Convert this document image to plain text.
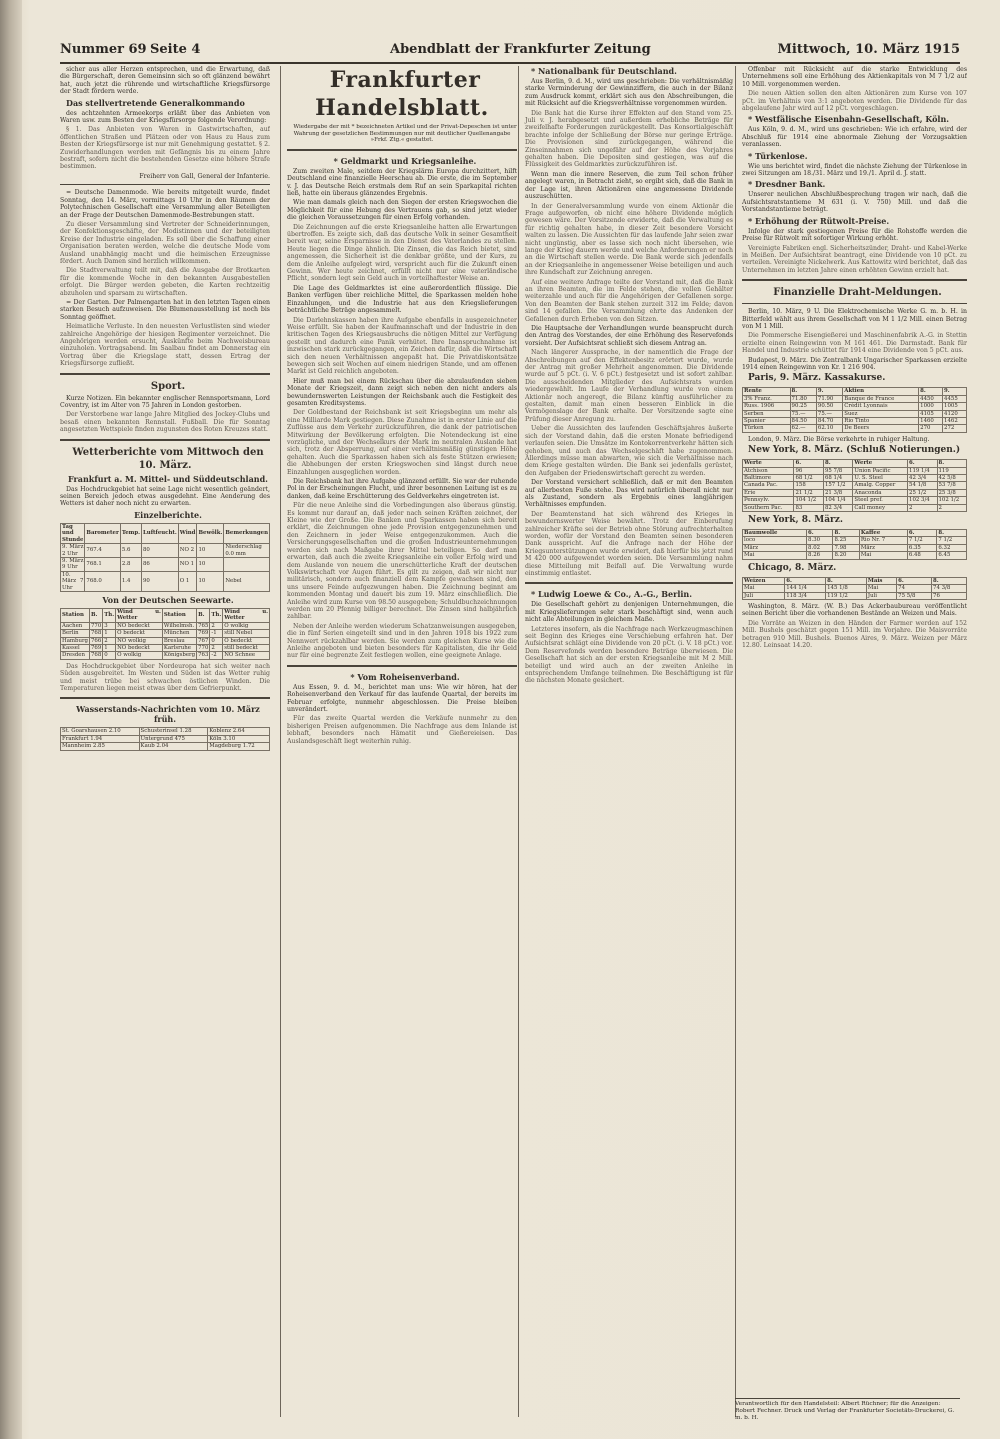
Nummer 69 Seite 4	Abendblatt der Frankfurter Zeitung	Mittwoch, 10. März 1915

sicher aus aller Herzen entsprechen, und die Erwartung, daß die Bürgerschaft, deren Gemeinsinn sich so oft glänzend bewährt hat, auch jetzt die rührende und wirtschaftliche Kriegsfürsorge der Stadt fördern werde.

Das stellvertretende Generalkommando

des achtzehnten Armeekorps erläßt über das Anbieten von Waren usw. zum Besten der Kriegsfürsorge folgende Verordnung:

§ 1. Das Anbieten von Waren in Gastwirtschaften, auf öffentlichen Straßen und Plätzen oder von Haus zu Haus zum Besten der Kriegsfürsorge ist nur mit Genehmigung gestattet. § 2. Zuwiderhandlungen werden mit Gefängnis bis zu einem Jahre bestraft, sofern nicht die bestehenden Gesetze eine höhere Strafe bestimmen.

Freiherr von Gall, General der Infanterie.

= Deutsche Damenmode. Wie bereits mitgeteilt wurde, findet Sonntag, den 14. März, vormittags 10 Uhr in den Räumen der Polytechnischen Gesellschaft eine Versammlung aller Beteiligten an der Frage der Deutschen Damenmode-Bestrebungen statt.

Zu dieser Versammlung sind Vertreter der Schneiderinnungen, der Konfektionsgeschäfte, der Modistinnen und der beteiligten Kreise der Industrie eingeladen. Es soll über die Schaffung einer Organisation beraten werden, welche die deutsche Mode vom Ausland unabhängig macht und die heimischen Erzeugnisse fördert. Auch Damen sind herzlich willkommen.

Die Stadtverwaltung teilt mit, daß die Ausgabe der Brotkarten für die kommende Woche in den bekannten Ausgabestellen erfolgt. Die Bürger werden gebeten, die Karten rechtzeitig abzuholen und sparsam zu wirtschaften.

= Der Garten. Der Palmengarten hat in den letzten Tagen einen starken Besuch aufzuweisen. Die Blumenausstellung ist noch bis Sonntag geöffnet.

Heimatliche Verluste. In den neuesten Verlustlisten sind wieder zahlreiche Angehörige der hiesigen Regimenter verzeichnet. Die Angehörigen werden ersucht, Auskünfte beim Nachweisbureau einzuholen. Vortragsabend. Im Saalbau findet am Donnerstag ein Vortrag über die Kriegslage statt, dessen Ertrag der Kriegsfürsorge zufließt.

Sport.

Kurze Notizen. Ein bekannter englischer Rennsportsmann, Lord Coventry, ist im Alter von 75 Jahren in London gestorben.

Der Verstorbene war lange Jahre Mitglied des Jockey-Clubs und besaß einen bekannten Rennstall. Fußball. Die für Sonntag angesetzten Wettspiele finden zugunsten des Roten Kreuzes statt.

Wetterberichte vom Mittwoch den 10. März.

Frankfurt a. M. Mittel- und Süddeutschland.

Das Hochdruckgebiet hat seine Lage nicht wesentlich geändert, seinen Bereich jedoch etwas ausgedehnt. Eine Aenderung des Wetters ist daher noch nicht zu erwarten.

Einzelberichte.

Tag und Stunde	Barometer	Temp.	Luftfeucht.	Wind	Bewölk.	Bemerkungen
9. März 2 Uhr	767.4	5.6	80	NO 2	10	Niederschlag 0.0 mm
9. März 9 Uhr	768.1	2.8	86	NO 1	10	
10. März 7 Uhr	768.0	1.4	90	O 1	10	Nebel

Von der Deutschen Seewarte.

Station	B.	Th.	Wind u. Wetter	Station	B.	Th.	Wind u. Wetter
Aachen	770	3	NO bedeckt	Wilhelmsh.	765	2	O wolkig
Berlin	768	1	O bedeckt	München	769	-1	still Nebel
Hamburg	766	2	NO wolkig	Breslau	767	0	O bedeckt
Kassel	769	1	NO bedeckt	Karlsruhe	770	2	still bedeckt
Dresden	768	0	O wolkig	Königsberg	763	-2	NO Schnee

Das Hochdruckgebiet über Nordeuropa hat sich weiter nach Süden ausgebreitet. Im Westen und Süden ist das Wetter ruhig und meist trübe bei schwachen östlichen Winden. Die Temperaturen liegen meist etwas über dem Gefrierpunkt.

Wasserstands-Nachrichten vom 10. März früh.

St. Goarshausen 2.10	Schusterinsel 1.28	Koblenz 2.64
Frankfurt 1.94	Untergrund 475	Köln 3.10
Mannheim 2.85	Kaub 2.04	Magdeburg 1.72

Frankfurter Handelsblatt.

Wiedergabe der mit * bezeichneten Artikel und der Privat-Depeschen ist unter Wahrung der gesetzlichen Bestimmungen nur mit deutlicher Quellenangabe »Frkf. Ztg.« gestattet.

* Geldmarkt und Kriegsanleihe.

Zum zweiten Male, seitdem der Kriegslärm Europa durchzittert, hilft Deutschland eine finanzielle Heerschau ab. Die erste, die im September v. J. das Deutsche Reich erstmals dem Ruf an sein Sparkapital richten ließ, hatte ein überaus glänzendes Ergebnis.

Wie man damals gleich nach den Siegen der ersten Kriegswochen die Möglichkeit für eine Hebung des Vertrauens gab, so sind jetzt wieder die gleichen Voraussetzungen für einen Erfolg vorhanden.

Die Zeichnungen auf die erste Kriegsanleihe hatten alle Erwartungen übertroffen. Es zeigte sich, daß das deutsche Volk in seiner Gesamtheit bereit war, seine Ersparnisse in den Dienst des Vaterlandes zu stellen. Heute liegen die Dinge ähnlich. Die Zinsen, die das Reich bietet, sind angemessen, die Sicherheit ist die denkbar größte, und der Kurs, zu dem die Anleihe aufgelegt wird, verspricht auch für die Zukunft einen Gewinn. Wer heute zeichnet, erfüllt nicht nur eine vaterländische Pflicht, sondern legt sein Geld auch in vorteilhaftester Weise an.

Die Lage des Geldmarktes ist eine außerordentlich flüssige. Die Banken verfügen über reichliche Mittel, die Sparkassen melden hohe Einzahlungen, und die Industrie hat aus den Kriegslieferungen beträchtliche Beträge angesammelt.

Die Darlehnskassen haben ihre Aufgabe ebenfalls in ausgezeichneter Weise erfüllt. Sie haben der Kaufmannschaft und der Industrie in den kritischen Tagen des Kriegsausbruchs die nötigen Mittel zur Verfügung gestellt und dadurch eine Panik verhütet. Ihre Inanspruchnahme ist inzwischen stark zurückgegangen, ein Zeichen dafür, daß die Wirtschaft sich den neuen Verhältnissen angepaßt hat. Die Privatdiskontsätze bewegen sich seit Wochen auf einem niedrigen Stande, und am offenen Markt ist Geld reichlich angeboten.

Hier muß man bei einem Rückschau über die abzulaufenden sieben Monate der Kriegszeit, dann zeigt sich neben den nicht anders als bewundernswerten Leistungen der Reichsbank auch die Festigkeit des gesamten Kreditsystems.

Der Goldbestand der Reichsbank ist seit Kriegsbeginn um mehr als eine Milliarde Mark gestiegen. Diese Zunahme ist in erster Linie auf die Zuflüsse aus dem Verkehr zurückzuführen, die dank der patriotischen Mitwirkung der Bevölkerung erfolgten. Die Notendeckung ist eine vorzügliche, und der Wechselkurs der Mark im neutralen Auslande hat sich, trotz der Absperrung, auf einer verhältnismäßig günstigen Höhe gehalten. Auch die Sparkassen haben sich als feste Stützen erwiesen; die Abhebungen der ersten Kriegswochen sind längst durch neue Einzahlungen ausgeglichen worden.

Die Reichsbank hat ihre Aufgabe glänzend erfüllt. Sie war der ruhende Pol in der Erscheinungen Flucht, und ihrer besonnenen Leitung ist es zu danken, daß keine Erschütterung des Geldverkehrs eingetreten ist.

Für die neue Anleihe sind die Vorbedingungen also überaus günstig. Es kommt nur darauf an, daß jeder nach seinen Kräften zeichnet, der Kleine wie der Große. Die Banken und Sparkassen haben sich bereit erklärt, die Zeichnungen ohne jede Provision entgegenzunehmen und den Zeichnern in jeder Weise entgegenzukommen. Auch die Versicherungsgesellschaften und die großen Industrieunternehmungen werden sich nach Maßgabe ihrer Mittel beteiligen. So darf man erwarten, daß auch die zweite Kriegsanleihe ein voller Erfolg wird und dem Auslande von neuem die unerschütterliche Kraft der deutschen Volkswirtschaft vor Augen führt. Es gilt zu zeigen, daß wir nicht nur militärisch, sondern auch finanziell dem Kampfe gewachsen sind, den uns unsere Feinde aufgezwungen haben. Die Zeichnung beginnt am kommenden Montag und dauert bis zum 19. März einschließlich. Die Anleihe wird zum Kurse von 98.50 ausgegeben; Schuldbuchzeichnungen werden um 20 Pfennig billiger berechnet. Die Zinsen sind halbjährlich zahlbar.

Neben der Anleihe werden wiederum Schatzanweisungen ausgegeben, die in fünf Serien eingeteilt sind und in den Jahren 1918 bis 1922 zum Nennwert rückzahlbar werden. Sie werden zum gleichen Kurse wie die Anleihe angeboten und bieten besonders für Kapitalisten, die ihr Geld nur für eine begrenzte Zeit festlegen wollen, eine geeignete Anlage.

* Vom Roheisenverband.

Aus Essen, 9. d. M., berichtet man uns: Wie wir hören, hat der Roheisenverband den Verkauf für das laufende Quartal, der bereits im Februar erfolgte, nunmehr abgeschlossen. Die Preise bleiben unverändert.

Für das zweite Quartal werden die Verkäufe nunmehr zu den bisherigen Preisen aufgenommen. Die Nachfrage aus dem Inlande ist lebhaft, besonders nach Hämatit und Gießereieisen. Das Auslandsgeschäft liegt weiterhin ruhig.

* Nationalbank für Deutschland.

Aus Berlin, 9. d. M., wird uns geschrieben: Die verhältnismäßig starke Verminderung der Gewinnziffern, die auch in der Bilanz zum Ausdruck kommt, erklärt sich aus den Abschreibungen, die mit Rücksicht auf die Kriegsverhältnisse vorgenommen wurden.

Die Bank hat die Kurse ihrer Effekten auf den Stand vom 25. Juli v. J. herabgesetzt und außerdem erhebliche Beträge für zweifelhafte Forderungen zurückgestellt. Das Konsortialgeschäft brachte infolge der Schließung der Börse nur geringe Erträge. Die Provisionen sind zurückgegangen, während die Zinseinnahmen sich ungefähr auf der Höhe des Vorjahres gehalten haben. Die Depositen sind gestiegen, was auf die Flüssigkeit des Geldmarktes zurückzuführen ist.

Wenn man die innere Reserven, die zum Teil schon früher angelegt waren, in Betracht zieht, so ergibt sich, daß die Bank in der Lage ist, ihren Aktionären eine angemessene Dividende auszuschütten.

In der Generalversammlung wurde von einem Aktionär die Frage aufgeworfen, ob nicht eine höhere Dividende möglich gewesen wäre. Der Vorsitzende erwiderte, daß die Verwaltung es für richtig gehalten habe, in dieser Zeit besondere Vorsicht walten zu lassen. Die Aussichten für das laufende Jahr seien zwar nicht ungünstig, aber es lasse sich noch nicht übersehen, wie lange der Krieg dauern werde und welche Anforderungen er noch an die Wirtschaft stellen werde. Die Bank werde sich jedenfalls an der Kriegsanleihe in angemessener Weise beteiligen und auch ihre Kundschaft zur Zeichnung anregen.

Auf eine weitere Anfrage teilte der Vorstand mit, daß die Bank an ihren Beamten, die im Felde stehen, die vollen Gehälter weiterzahle und auch für die Angehörigen der Gefallenen sorge. Von den Beamten der Bank stehen zurzeit 312 im Felde; davon sind 14 gefallen. Die Versammlung ehrte das Andenken der Gefallenen durch Erheben von den Sitzen.

Die Hauptsache der Verhandlungen wurde beansprucht durch den Antrag des Vorstandes, der eine Erhöhung des Reservefonds vorsieht. Der Aufsichtsrat schließt sich diesem Antrag an.

Nach längerer Aussprache, in der namentlich die Frage der Abschreibungen auf den Effektenbesitz erörtert wurde, wurde der Antrag mit großer Mehrheit angenommen. Die Dividende wurde auf 5 pCt. (i. V. 6 pCt.) festgesetzt und ist sofort zahlbar. Die ausscheidenden Mitglieder des Aufsichtsrats wurden wiedergewählt. Im Laufe der Verhandlung wurde von einem Aktionär noch angeregt, die Bilanz künftig ausführlicher zu gestalten, damit man einen besseren Einblick in die Vermögenslage der Bank erhalte. Der Vorsitzende sagte eine Prüfung dieser Anregung zu.

Ueber die Aussichten des laufenden Geschäftsjahres äußerte sich der Vorstand dahin, daß die ersten Monate befriedigend verlaufen seien. Die Umsätze im Kontokorrentverkehr hätten sich gehoben, und auch das Wechselgeschäft habe zugenommen. Allerdings müsse man abwarten, wie sich die Verhältnisse nach dem Kriege gestalten würden. Die Bank sei jedenfalls gerüstet, den Aufgaben der Friedenswirtschaft gerecht zu werden.

Der Vorstand versichert schließlich, daß er mit den Beamten auf allerbesten Fuße stehe. Das wird natürlich überall nicht nur als Zustand, sondern als Ergebnis eines langjährigen Verhältnisses empfunden.

Der Beamtenstand hat sich während des Krieges in bewundernswerter Weise bewährt. Trotz der Einberufung zahlreicher Kräfte sei der Betrieb ohne Störung aufrechterhalten worden, wofür der Vorstand den Beamten seinen besonderen Dank ausspricht. Auf die Anfrage nach der Höhe der Kriegsunterstützungen wurde erwidert, daß hierfür bis jetzt rund M 420 000 aufgewendet worden seien. Die Versammlung nahm diese Mitteilung mit Beifall auf. Die Verwaltung wurde einstimmig entlastet.

* Ludwig Loewe & Co., A.-G., Berlin.

Die Gesellschaft gehört zu denjenigen Unternehmungen, die mit Kriegslieferungen sehr stark beschäftigt sind, wenn auch nicht alle Abteilungen in gleichem Maße.

Letzteres insofern, als die Nachfrage nach Werkzeugmaschinen seit Beginn des Krieges eine Verschiebung erfahren hat. Der Aufsichtsrat schlägt eine Dividende von 20 pCt. (i. V. 18 pCt.) vor. Dem Reservefonds werden besondere Beträge überwiesen. Die Gesellschaft hat sich an der ersten Kriegsanleihe mit M 2 Mill. beteiligt und wird auch an der zweiten Anleihe in entsprechendem Umfange teilnehmen. Die Beschäftigung ist für die nächsten Monate gesichert.

Offenbar mit Rücksicht auf die starke Entwicklung des Unternehmens soll eine Erhöhung des Aktienkapitals von M 7 1/2 auf 10 Mill. vorgenommen werden.

Die neuen Aktien sollen den alten Aktionären zum Kurse von 107 pCt. im Verhältnis von 3:1 angeboten werden. Die Dividende für das abgelaufene Jahr wird auf 12 pCt. vorgeschlagen.

* Westfälische Eisenbahn-Gesellschaft, Köln.

Aus Köln, 9. d. M., wird uns geschrieben: Wie ich erfahre, wird der Abschluß für 1914 eine abnormale Ziehung der Vorzugsaktien veranlassen.

* Türkenlose.

Wie uns berichtet wird, findet die nächste Ziehung der Türkenlose in zwei Sitzungen am 18./31. März und 19./1. April d. J. statt.

* Dresdner Bank.

Unserer neulichen Abschlußbesprechung tragen wir nach, daß die Aufsichtsratstantieme M 631 (i. V. 750) Mill. und daß die Vorstandstantieme beträgt.

* Erhöhung der Rütwolt-Preise.

Infolge der stark gestiegenen Preise für die Rohstoffe werden die Preise für Rütwolt mit sofortiger Wirkung erhöht.

Vereinigte Fabriken engl. Sicherheitszünder, Draht- und Kabel-Werke in Meißen. Der Aufsichtsrat beantragt, eine Dividende von 10 pCt. zu verteilen. Vereinigte Nickelwerk. Aus Kattowitz wird berichtet, daß das Unternehmen im letzten Jahre einen erhöhten Gewinn erzielt hat.

Finanzielle Draht-Meldungen.

Berlin, 10. März, 9 U. Die Elektrochemische Werke G. m. b. H. in Bitterfeld wählt aus ihrem Gesellschaft von M 1 1/2 Mill. einen Betrag von M 1 Mill.

Die Pommersche Eisengießerei und Maschinenfabrik A.-G. in Stettin erzielte einen Reingewinn von M 161 461. Die Darmstadt. Bank für Handel und Industrie schüttet für 1914 eine Dividende von 5 pCt. aus.

Budapest, 9. März. Die Zentralbank Ungarischer Sparkassen erzielte 1914 einen Reingewinn von Kr. 1 216 904.

Paris, 9. März. Kassakurse.

Rente	8.	9.	Aktien	8.	9.
3% Franz.	71.80	71.90	Banque de France	4450	4455
Russ. 1906	90.25	90.50	Crédit Lyonnais	1000	1005
Serben	75.—	75.—	Suez	4105	4120
Spanier	84.50	84.70	Rio Tinto	1460	1462
Türken	62.—	62.10	De Beers	270	272

London, 9. März. Die Börse verkehrte in ruhiger Haltung.

New York, 8. März. (Schluß Notierungen.)

Werte	6.	8.	Werte	6.	8.
Atchison	96	95 7/8	Union Pacific	119 1/4	119
Baltimore	68 1/2	68 1/4	U. S. Steel	42 3/4	42 5/8
Canada Pac.	158	157 1/2	Amalg. Copper	54 1/8	53 7/8
Erie	21 1/2	21 3/8	Anaconda	25 1/2	25 3/8
Pennsylv.	104 1/2	104 1/4	Steel pref.	102 3/4	102 1/2
Southern Pac.	83	82 3/4	Call money	2	2

New York, 8. März.

Baumwolle	6.	8.	Kaffee	6.	8.
loco	8.30	8.25	Rio Nr. 7	7 1/2	7 1/2
März	8.02	7.98	März	6.35	6.32
Mai	8.26	8.20	Mai	6.48	6.45

Chicago, 8. März.

Weizen	6.	8.	Mais	6.	8.
Mai	144 1/4	145 1/8	Mai	74	74 3/8
Juli	118 3/4	119 1/2	Juli	75 5/8	76

Washington, 8. März. (W. B.) Das Ackerbaubureau veröffentlicht seinen Bericht über die vorhandenen Bestände an Weizen und Mais.

Die Vorräte an Weizen in den Händen der Farmer werden auf 152 Mill. Bushels geschätzt gegen 151 Mill. im Vorjahre. Die Maisvorräte betragen 910 Mill. Bushels. Buenos Aires, 9. März. Weizen per März 12.80. Leinsaat 14.20.

Verantwortlich für den Handelsteil: Albert Rüchner; für die Anzeigen: Robert Fechner. Druck und Verlag der Frankfurter Societäts-Druckerei, G. m. b. H.
